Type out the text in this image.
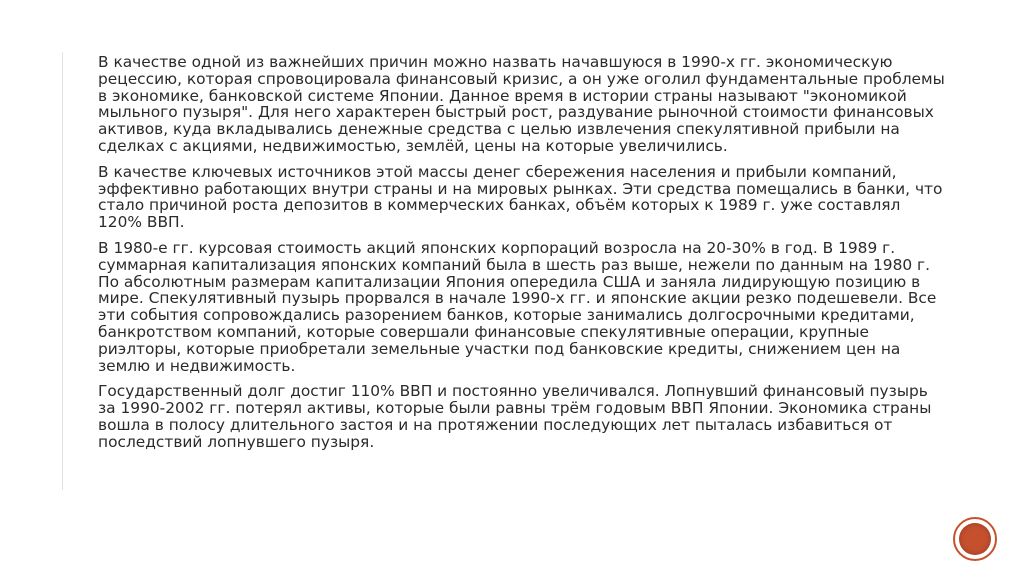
В качестве одной из важнейших причин можно назвать начавшуюся в 1990-х гг. экономическую рецессию, которая спровоцировала финансовый кризис, а он уже оголил фундаментальные проблемы в экономике, банковской системе Японии. Данное время в истории страны называют "экономикой мыльного пузыря". Для него характерен быстрый рост, раздувание рыночной стоимости финансовых активов, куда вкладывались денежные средства с целью извлечения спекулятивной прибыли на сделках с акциями, недвижимостью, землёй, цены на которые увеличились.

В качестве ключевых источников этой массы денег сбережения населения и прибыли компаний, эффективно работающих внутри страны и на мировых рынках. Эти средства помещались в банки, что стало причиной роста депозитов в коммерческих банках, объём которых к 1989 г. уже составлял 120% ВВП.

В 1980-е гг. курсовая стоимость акций японских корпораций возросла на 20-30% в год. В 1989 г. суммарная капитализация японских компаний была в шесть раз выше, нежели по данным на 1980 г. По абсолютным размерам капитализации Япония опередила США и заняла лидирующую позицию в мире. Спекулятивный пузырь прорвался в начале 1990-х гг. и японские акции резко подешевели. Все эти события сопровождались разорением банков, которые занимались долгосрочными кредитами, банкротством компаний, которые совершали финансовые спекулятивные операции, крупные риэлторы, которые приобретали земельные участки под банковские кредиты, снижением цен на землю и недвижимость.

Государственный долг достиг 110% ВВП и постоянно увеличивался. Лопнувший финансовый пузырь за 1990-2002 гг. потерял активы, которые были равны трём годовым ВВП Японии. Экономика страны вошла в полосу длительного застоя и на протяжении последующих лет пыталась избавиться от последствий лопнувшего пузыря.
